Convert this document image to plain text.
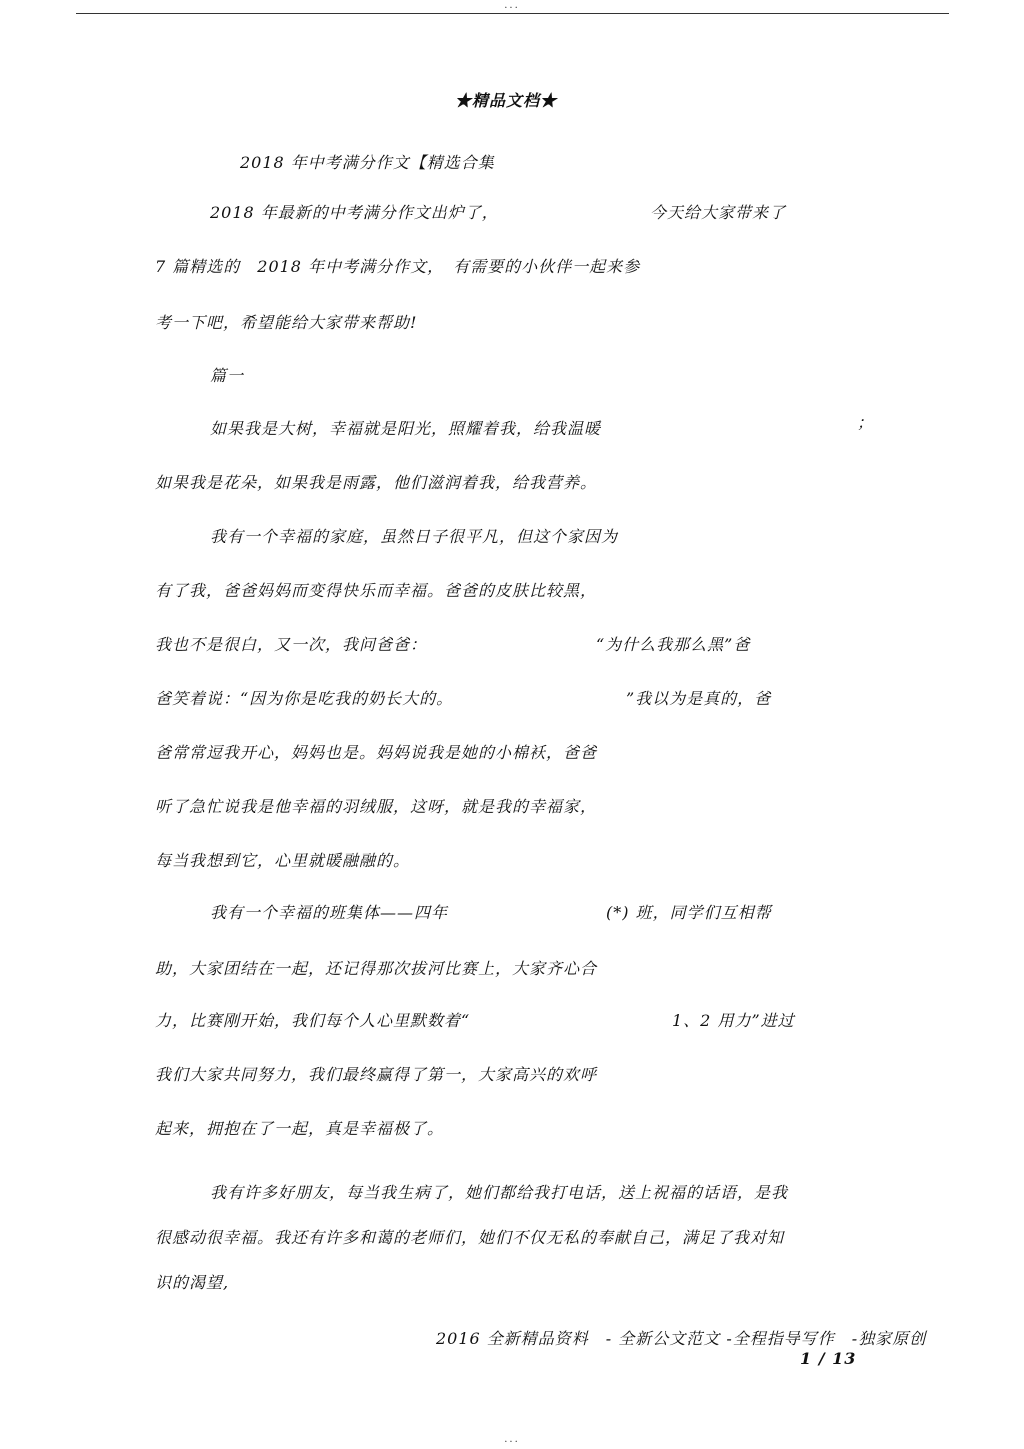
...
★精品文档★
2018 年中考满分作文【精选合集
2018 年最新的中考满分作文出炉了，	今天给大家带来了
7 篇精选的　2018 年中考满分作文，　有需要的小伙伴一起来参
考一下吧，希望能给大家带来帮助!
篇一
如果我是大树，幸福就是阳光，照耀着我，给我温暖	；
如果我是花朵，如果我是雨露，他们滋润着我，给我营养。
我有一个幸福的家庭，虽然日子很平凡，但这个家因为
有了我，爸爸妈妈而变得快乐而幸福。爸爸的皮肤比较黑，
我也不是很白，又一次，我问爸爸：	“为什么我那么黑”爸
爸笑着说：“因为你是吃我的奶长大的。	”我以为是真的，爸
爸常常逗我开心，妈妈也是。妈妈说我是她的小棉袄，爸爸
听了急忙说我是他幸福的羽绒服，这呀，就是我的幸福家，
每当我想到它，心里就暖融融的。
我有一个幸福的班集体——四年	(*) 班，同学们互相帮
助，大家团结在一起，还记得那次拔河比赛上，大家齐心合
力，比赛刚开始，我们每个人心里默数着“	1、2 用力”进过
我们大家共同努力，我们最终赢得了第一，大家高兴的欢呼
起来，拥抱在了一起，真是幸福极了。
我有许多好朋友，每当我生病了，她们都给我打电话，送上祝福的话语，是我
很感动很幸福。我还有许多和蔼的老师们，她们不仅无私的奉献自己，满足了我对知
识的渴望,
2016 全新精品资料　- 全新公文范文 -全程指导写作　-独家原创
1 / 13
...
